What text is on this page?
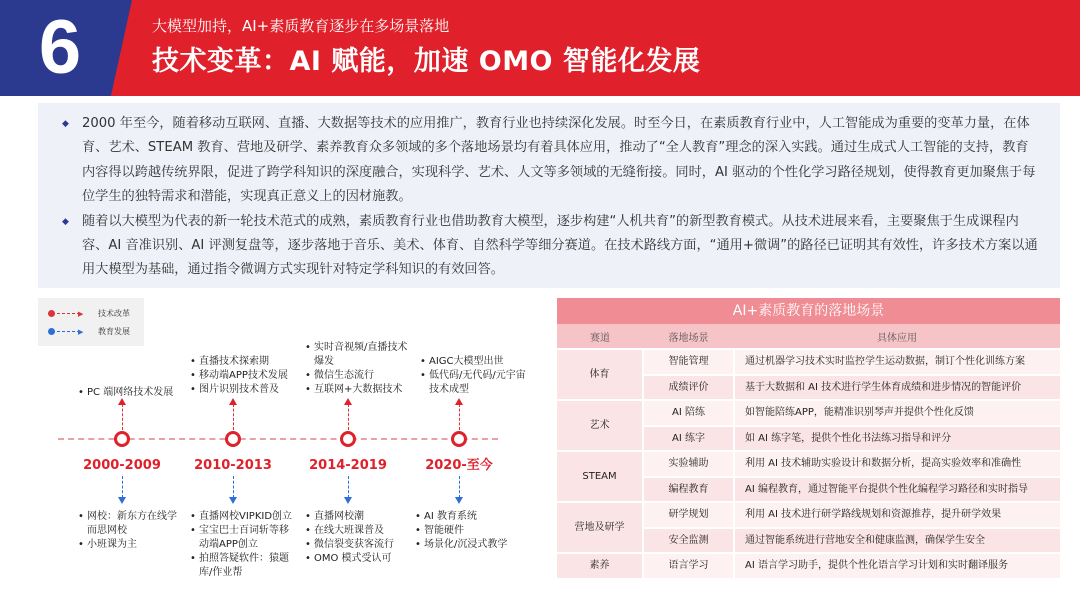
6	大模型加持，AI+素质教育逐步在多场景落地
技术变革：AI 赋能，加速 OMO 智能化发展

◆ 2000 年至今，随着移动互联网、直播、大数据等技术的应用推广，教育行业也持续深化发展。时至今日，在素质教育行业中，人工智能成为重要的变革力量，在体育、艺术、STEAM 教育、营地及研学、素养教育众多领域的多个落地场景均有着具体应用，推动了“全人教育”理念的深入实践。通过生成式人工智能的支持，教育内容得以跨越传统界限，促进了跨学科知识的深度融合，实现科学、艺术、人文等多领域的无缝衔接。同时，AI 驱动的个性化学习路径规划，使得教育更加聚焦于每位学生的独特需求和潜能，实现真正意义上的因材施教。

◆ 随着以大模型为代表的新一轮技术范式的成熟，素质教育行业也借助教育大模型，逐步构建“人机共育”的新型教育模式。从技术进展来看，主要聚焦于生成课程内容、AI 音准识别、AI 评测复盘等，逐步落地于音乐、美术、体育、自然科学等细分赛道。在技术路线方面，“通用+微调”的路径已证明其有效性，许多技术方案以通用大模型为基础，通过指令微调方式实现针对特定学科知识的有效回答。

▶ 技术改革
▶ 教育发展
2000-2009
• PC 端网络技术发展
• 网校：新东方在线学而思网校
• 小班课为主
2010-2013
• 直播技术探索期
• 移动端APP技术发展
• 图片识别技术普及
• 直播网校VIPKID创立
• 宝宝巴士百词斩等移动端APP创立
• 拍照答疑软件：猿题库/作业帮
2014-2019
• 实时音视频/直播技术爆发
• 微信生态流行
• 互联网+大数据技术
• 直播网校潮
• 在线大班课普及
• 微信裂变获客流行
• OMO 模式受认可
2020-至今
• AIGC大模型出世
• 低代码/无代码/元宇宙技术成型
• AI 教育系统
• 智能硬件
• 场景化/沉浸式教学
AI+素质教育的落地场景
赛道	落地场景	具体应用
体育	智能管理	通过机器学习技术实时监控学生运动数据，制订个性化训练方案
	成绩评价	基于大数据和 AI 技术进行学生体育成绩和进步情况的智能评价
艺术	AI 陪练	如智能陪练APP，能精准识别琴声并提供个性化反馈
	AI 练字	如 AI 练字笔，提供个性化书法练习指导和评分
STEAM	实验辅助	利用 AI 技术辅助实验设计和数据分析，提高实验效率和准确性
	编程教育	AI 编程教育，通过智能平台提供个性化编程学习路径和实时指导
营地及研学	研学规划	利用 AI 技术进行研学路线规划和资源推荐，提升研学效果
	安全监测	通过智能系统进行营地安全和健康监测，确保学生安全
素养	语言学习	AI 语言学习助手，提供个性化语言学习计划和实时翻译服务
